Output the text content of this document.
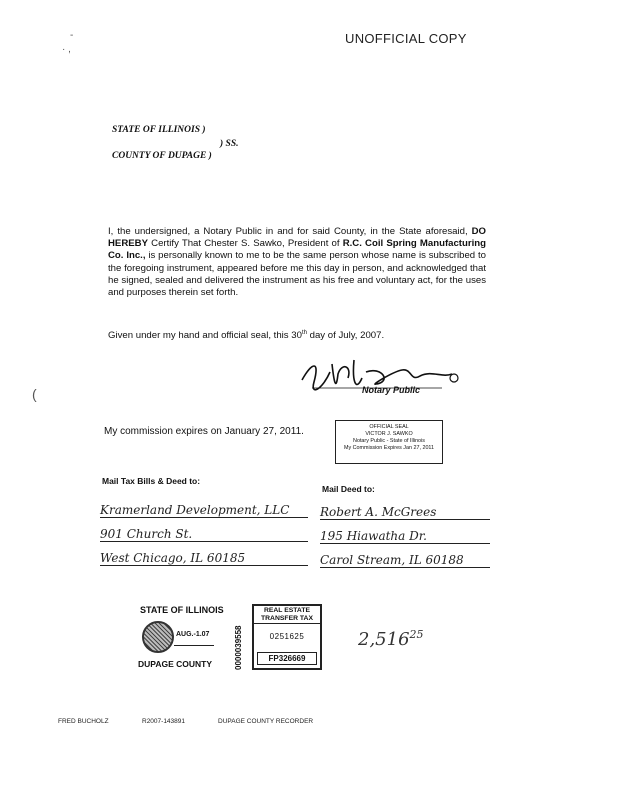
· ,
-
(
UNOFFICIAL COPY
STATE OF ILLINOIS )
) SS.
COUNTY OF DUPAGE )
I, the undersigned, a Notary Public in and for said County, in the State aforesaid, DO HEREBY Certify That Chester S. Sawko, President of R.C. Coil Spring Manufacturing Co. Inc., is personally known to me to be the same person whose name is subscribed to the foregoing instrument, appeared before me this day in person, and acknowledged that he signed, sealed and delivered the instrument as his free and voluntary act, for the uses and purposes therein set forth.
Given under my hand and official seal, this 30th day of July, 2007.
Notary Public
My commission expires on January 27, 2011.	OFFICIAL SEAL
VICTOR J. SAWKO
Notary Public - State of Illinois
My Commission Expires Jan 27, 2011
Mail Tax Bills & Deed to:
Kramerland Development, LLC
901 Church St.
West Chicago, IL 60185
Mail Deed to:
Robert A. McGrees
195 Hiawatha Dr.
Carol Stream, IL 60188
STATE OF ILLINOIS
AUG.-1.07
DUPAGE COUNTY	0000039558
REAL ESTATE TRANSFER TAX
0251625
FP326669
2,516$^{25}$
FRED BUCHOLZ	R2007-143891	DUPAGE COUNTY RECORDER
